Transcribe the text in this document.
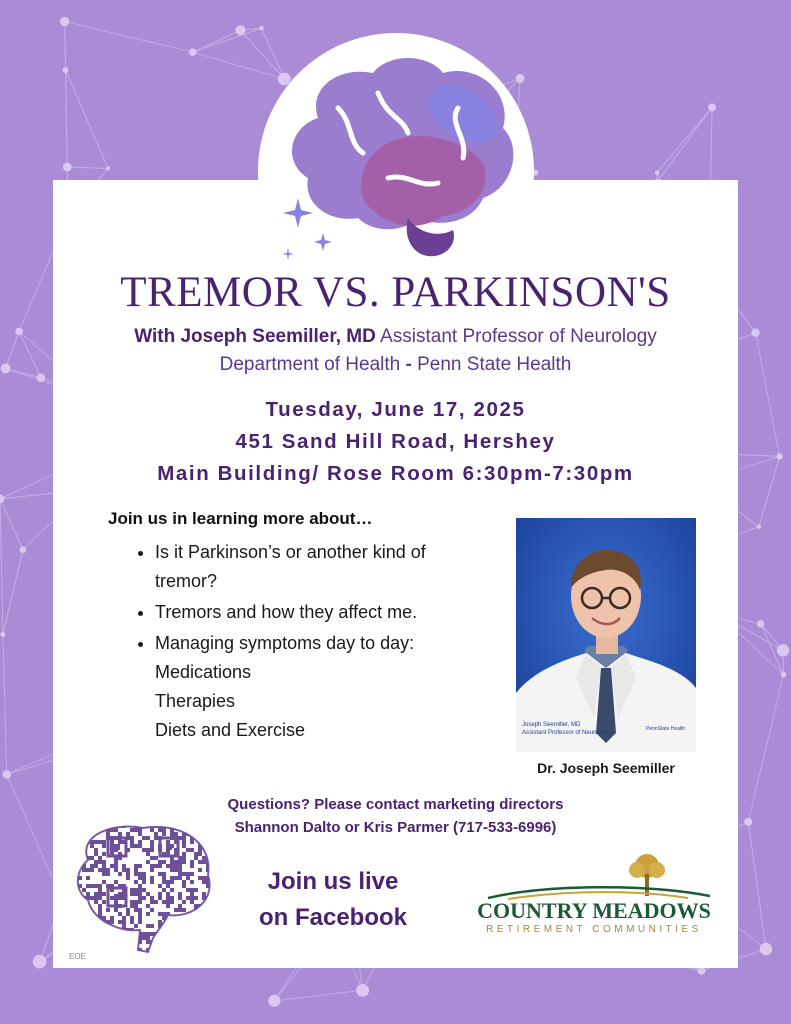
TREMOR VS. PARKINSON'S
With Joseph Seemiller, MD Assistant Professor of Neurology
Department of Health - Penn State Health
Tuesday, June 17, 2025
451 Sand Hill Road, Hershey
Main Building/ Rose Room 6:30pm-7:30pm
Join us in learning more about…
• Is it Parkinson’s or another kind of
tremor?
• Tremors and how they affect me.
• Managing symptoms day to day:
Medications
Therapies
Diets and Exercise	Joseph Seemiller, MD
Assistant Professor of Neurology
PennState Health
Dr. Joseph Seemiller
Questions? Please contact marketing directors
Shannon Dalto or Kris Parmer (717-533-6996)
Join us live
on Facebook	COUNTRY MEADOWS
RETIREMENT COMMUNITIES
EOE
